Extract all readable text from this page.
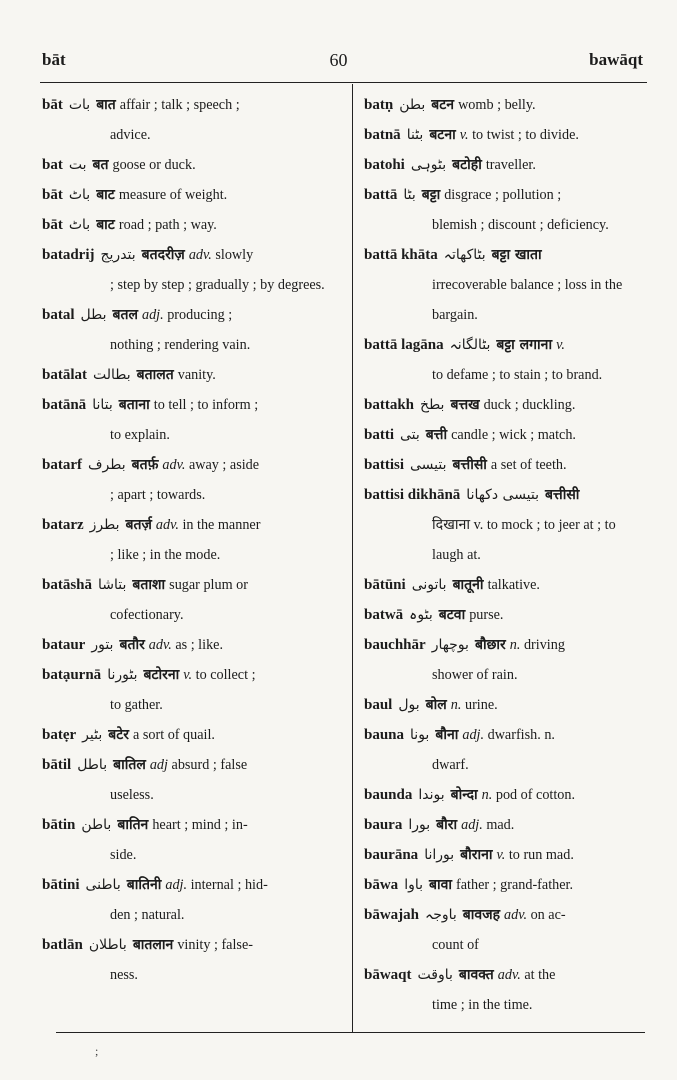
bāt	60	bawāqt
bāt بات बात affair ; talk ; speech ;
advice.
bat بت बत goose or duck.
bāt باٹ बाट measure of weight.
bāt باٹ बाट road ; path ; way.
batadrij بتدریج बतदरीज़ adv. slowly
; step by step ; gradually ; by degrees.
batal بطل बतल adj. producing ;
nothing ; rendering vain.
batālat بطالت बतालत vanity.
batānā بتانا बताना to tell ; to inform ;
to explain.
batarf بطرف बतर्फ़ adv. away ; aside
; apart ; towards.
batarz بطرز बतर्ज़ adv. in the manner
; like ; in the mode.
batāshā بتاشا बताशा sugar plum or
cofectionary.
bataur بتور बतौर adv. as ; like.
batạurnā بٹورنا बटोरना v. to collect ;
to gather.
batẹr بٹیر बटेर a sort of quail.
bātil باطل बातिल adj absurd ; false
useless.
bātin باطن बातिन heart ; mind ; in-
side.
bātini باطنی बातिनी adj. internal ; hid-
den ; natural.
batlān باطلان बातलान vinity ; false-
ness.
batṇ بطن बटन womb ; belly.
batnā بٹنا बटना v. to twist ; to divide.
batohi بٹوہی बटोही traveller.
battā بٹا बट्टा disgrace ; pollution ;
blemish ; discount ; deficiency.
battā khāta بٹاکھاتہ बट्टा खाता
irrecoverable balance ; loss in the bargain.
battā lagāna بٹالگانہ बट्टा लगाना v.
to defame ; to stain ; to brand.
battakh بطخ बत्तख duck ; duckling.
batti بتی बत्ती candle ; wick ; match.
battisi بتیسی बत्तीसी a set of teeth.
battisi dikhānā بتیسی دکھانا बत्तीसी
दिखाना v. to mock ; to jeer at ; to laugh at.
bātūni باتونی बातूनी talkative.
batwā بٹوہ बटवा purse.
bauchhār بوچھار बौछार n. driving
shower of rain.
baul بول बोल n. urine.
bauna بونا बौना adj. dwarfish. n.
dwarf.
baunda بوندا बोन्दा n. pod of cotton.
baura بورا बौरा adj. mad.
baurāna بورانا बौराना v. to run mad.
bāwa باوا बावा father ; grand-father.
bāwajah باوجہ बावजह adv. on ac-
count of
bāwaqt باوقت बावक्त adv. at the
time ; in the time.
;
